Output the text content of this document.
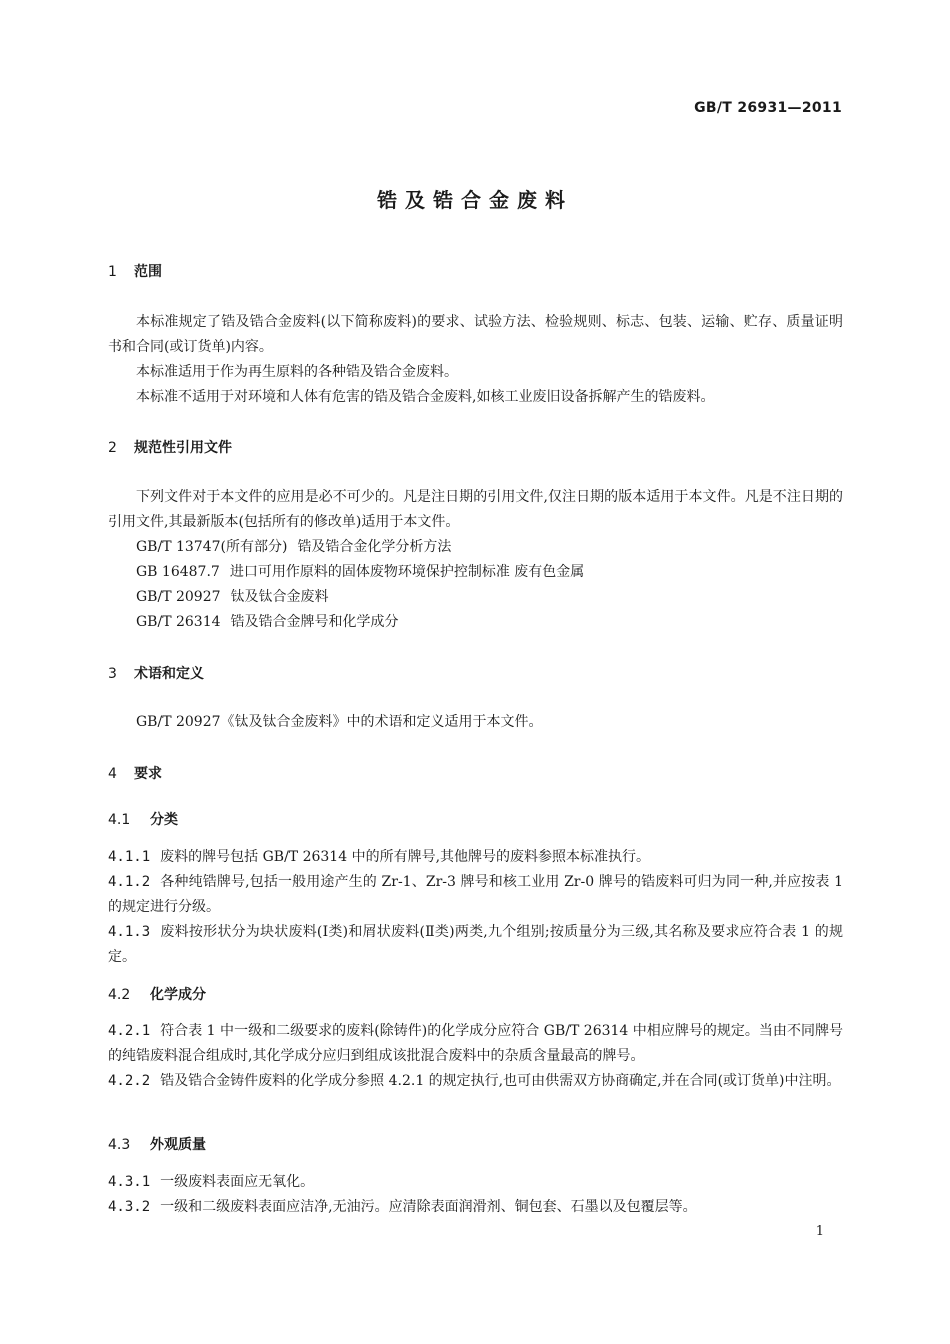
GB/T 26931—2011
锆及锆合金废料
1 范围
本标准规定了锆及锆合金废料(以下简称废料)的要求、试验方法、检验规则、标志、包装、运输、贮存、质量证明书和合同(或订货单)内容。
本标准适用于作为再生原料的各种锆及锆合金废料。
本标准不适用于对环境和人体有危害的锆及锆合金废料,如核工业废旧设备拆解产生的锆废料。
2 规范性引用文件
下列文件对于本文件的应用是必不可少的。凡是注日期的引用文件,仅注日期的版本适用于本文件。凡是不注日期的引用文件,其最新版本(包括所有的修改单)适用于本文件。
GB/T 13747(所有部分) 锆及锆合金化学分析方法
GB 16487.7 进口可用作原料的固体废物环境保护控制标准 废有色金属
GB/T 20927 钛及钛合金废料
GB/T 26314 锆及锆合金牌号和化学成分
3 术语和定义
GB/T 20927《钛及钛合金废料》中的术语和定义适用于本文件。
4 要求
4.1 分类
4.1.1 废料的牌号包括 GB/T 26314 中的所有牌号,其他牌号的废料参照本标准执行。
4.1.2 各种纯锆牌号,包括一般用途产生的 Zr-1、Zr-3 牌号和核工业用 Zr-0 牌号的锆废料可归为同一种,并应按表 1 的规定进行分级。
4.1.3 废料按形状分为块状废料(Ⅰ类)和屑状废料(Ⅱ类)两类,九个组别;按质量分为三级,其名称及要求应符合表 1 的规定。
4.2 化学成分
4.2.1 符合表 1 中一级和二级要求的废料(除铸件)的化学成分应符合 GB/T 26314 中相应牌号的规定。当由不同牌号的纯锆废料混合组成时,其化学成分应归到组成该批混合废料中的杂质含量最高的牌号。
4.2.2 锆及锆合金铸件废料的化学成分参照 4.2.1 的规定执行,也可由供需双方协商确定,并在合同(或订货单)中注明。
4.3 外观质量
4.3.1 一级废料表面应无氧化。
4.3.2 一级和二级废料表面应洁净,无油污。应清除表面润滑剂、铜包套、石墨以及包覆层等。
1
